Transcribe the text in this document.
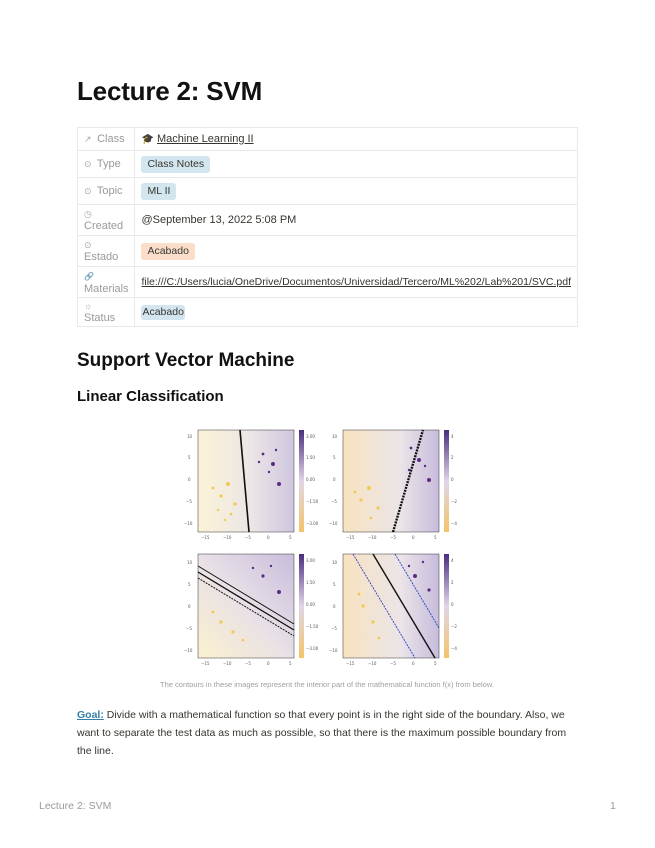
Lecture 2: SVM
↗ Class	🎓 Machine Learning II
⊙ Type	Class Notes
⊙ Topic	ML II
◷
Created	@September 13, 2022 5:08 PM
⊙
Estado	Acabado
🔗
Materials	file:///C:/Users/lucia/OneDrive/Documentos/Universidad/Tercero/ML%202/Lab%201/SVC.pdf
☼
Status	Acabado
Support Vector Machine
Linear Classification
−15	−10	−5	0	5	−15	−10	−5	0	5
−15	−10	−5	0	5	−15	−10	−5	0	5
10
5
0
−5
−10
10
5
0
−5
−10
10
5
0
−5
−10
10
5
0
−5
−10
3.00
1.50
0.00
−1.50
−3.00
4
2
0
−2
−4
3.00
1.50
0.00
−1.50
−3.00
4
2
0
−2
−4
The contours in these images represent the interior part of the mathematical function f(x) from below.

Goal: Divide with a mathematical function so that every point is in the right side of the boundary. Also, we want to separate the test data as much as possible, so that there is the maximum possible boundary from the line.

Lecture 2: SVM	1
